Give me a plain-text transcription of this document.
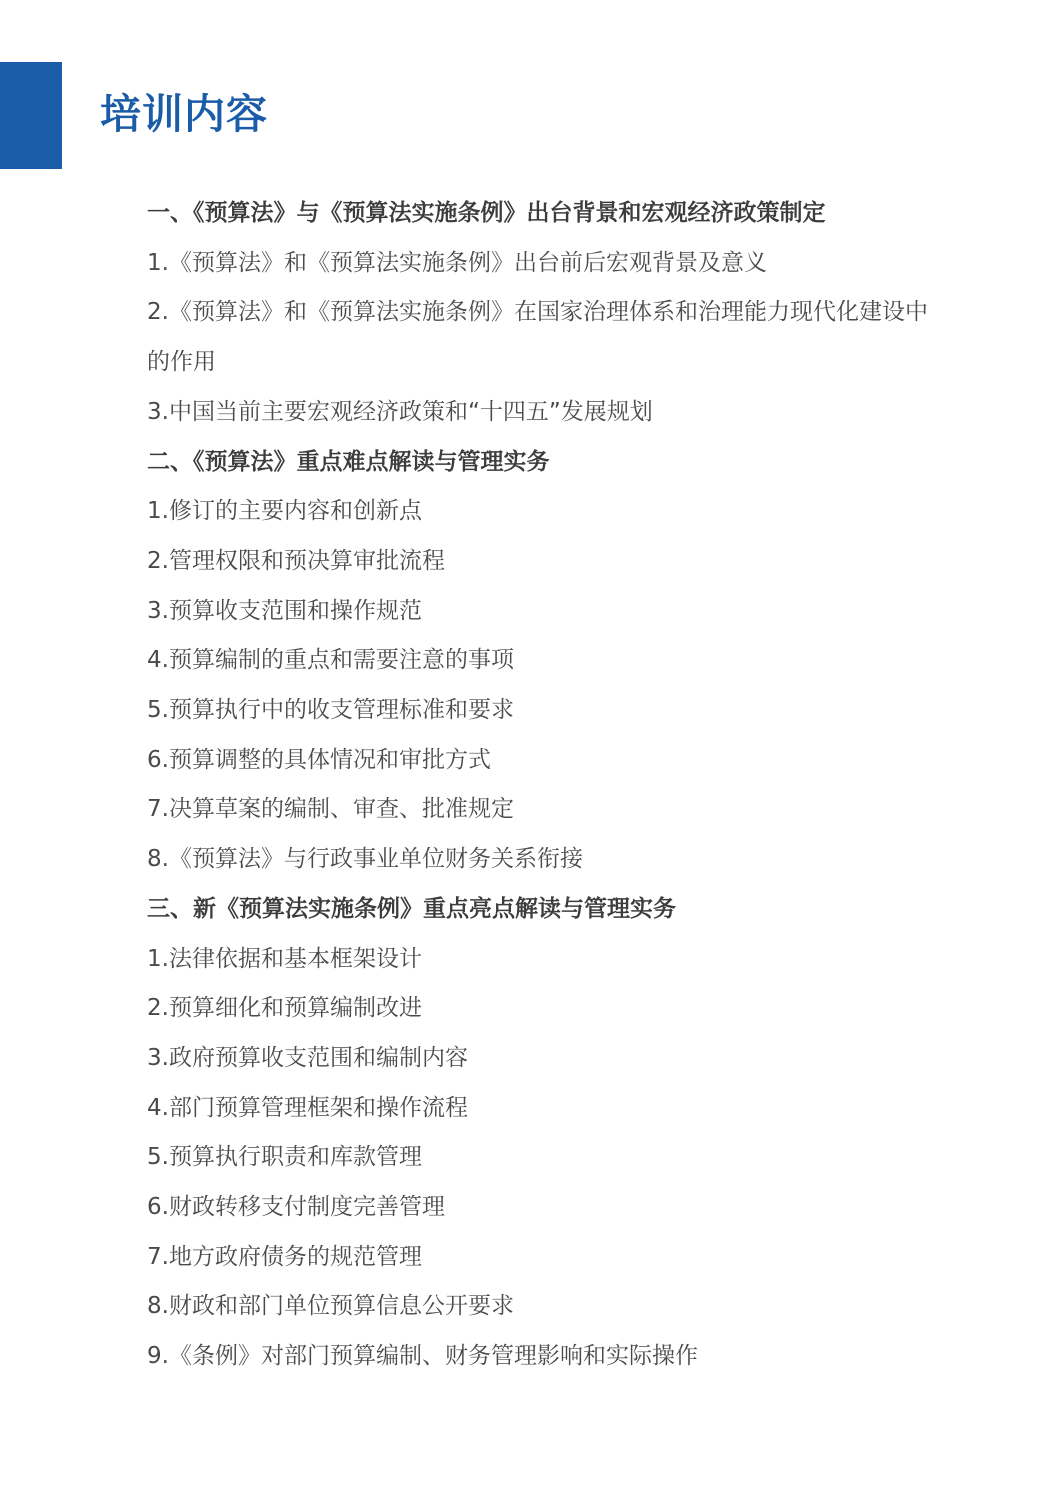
培训内容
一、《预算法》与《预算法实施条例》出台背景和宏观经济政策制定
1.《预算法》和《预算法实施条例》出台前后宏观背景及意义
2.《预算法》和《预算法实施条例》在国家治理体系和治理能力现代化建设中的作用
3.中国当前主要宏观经济政策和“十四五”发展规划
二、《预算法》重点难点解读与管理实务
1.修订的主要内容和创新点
2.管理权限和预决算审批流程
3.预算收支范围和操作规范
4.预算编制的重点和需要注意的事项
5.预算执行中的收支管理标准和要求
6.预算调整的具体情况和审批方式
7.决算草案的编制、审查、批准规定
8.《预算法》与行政事业单位财务关系衔接
三、新《预算法实施条例》重点亮点解读与管理实务
1.法律依据和基本框架设计
2.预算细化和预算编制改进
3.政府预算收支范围和编制内容
4.部门预算管理框架和操作流程
5.预算执行职责和库款管理
6.财政转移支付制度完善管理
7.地方政府债务的规范管理
8.财政和部门单位预算信息公开要求
9.《条例》对部门预算编制、财务管理影响和实际操作
